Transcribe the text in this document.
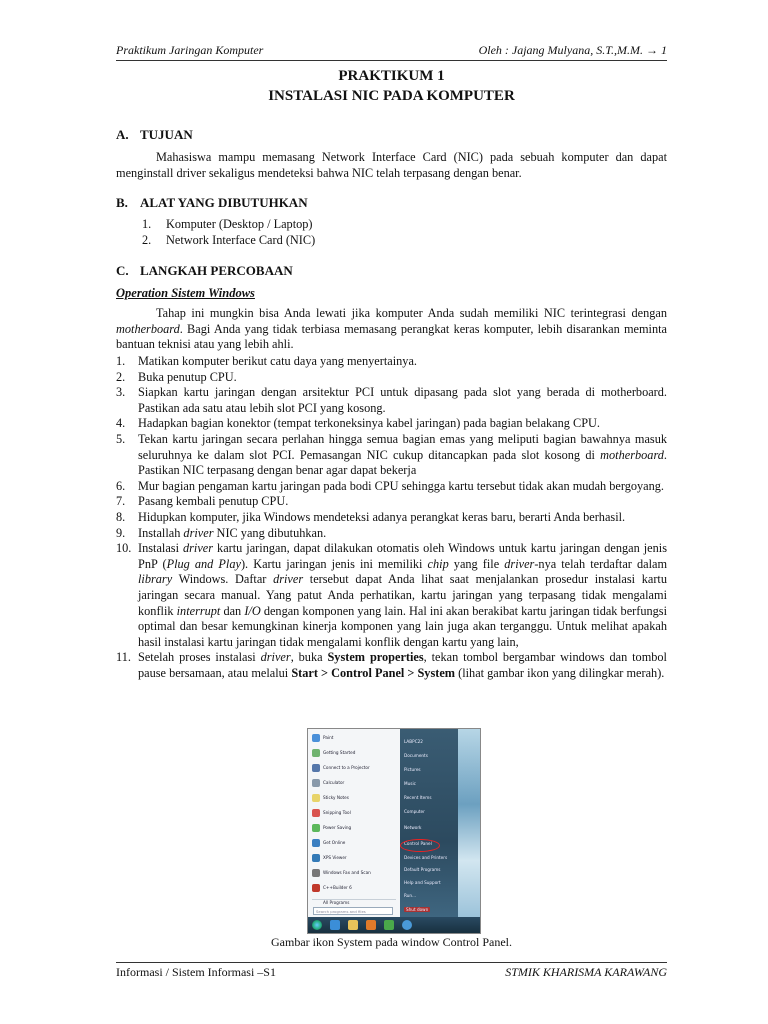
Praktikum Jaringan Komputer	Oleh : Jajang Mulyana, S.T.,M.M. → 1
PRAKTIKUM 1
INSTALASI NIC PADA KOMPUTER
A. TUJUAN
Mahasiswa mampu memasang Network Interface Card (NIC) pada sebuah komputer dan dapat menginstall driver sekaligus mendeteksi bahwa NIC telah terpasang dengan benar.
B. ALAT YANG DIBUTUHKAN
1. Komputer (Desktop / Laptop)
2. Network Interface Card (NIC)
C. LANGKAH PERCOBAAN
Operation Sistem Windows
Tahap ini mungkin bisa Anda lewati jika komputer Anda sudah memiliki NIC terintegrasi dengan motherboard. Bagi Anda yang tidak terbiasa memasang perangkat keras komputer, lebih disarankan meminta bantuan teknisi atau yang lebih ahli.
1. Matikan komputer berikut catu daya yang menyertainya.
2. Buka penutup CPU.
3. Siapkan kartu jaringan dengan arsitektur PCI untuk dipasang pada slot yang berada di motherboard. Pastikan ada satu atau lebih slot PCI yang kosong.
4. Hadapkan bagian konektor (tempat terkoneksinya kabel jaringan) pada bagian belakang CPU.
5. Tekan kartu jaringan secara perlahan hingga semua bagian emas yang meliputi bagian bawahnya masuk seluruhnya ke dalam slot PCI. Pemasangan NIC cukup ditancapkan pada slot kosong di motherboard. Pastikan NIC terpasang dengan benar agar dapat bekerja
6. Mur bagian pengaman kartu jaringan pada bodi CPU sehingga kartu tersebut tidak akan mudah bergoyang.
7. Pasang kembali penutup CPU.
8. Hidupkan komputer, jika Windows mendeteksi adanya perangkat keras baru, berarti Anda berhasil.
9. Installah driver NIC yang dibutuhkan.
10. Instalasi driver kartu jaringan, dapat dilakukan otomatis oleh Windows untuk kartu jaringan dengan jenis PnP (Plug and Play). Kartu jaringan jenis ini memiliki chip yang file driver-nya telah terdaftar dalam library Windows. Daftar driver tersebut dapat Anda lihat saat menjalankan prosedur instalasi kartu jaringan secara manual. Yang patut Anda perhatikan, kartu jaringan yang terpasang tidak mengalami konflik interrupt dan I/O dengan komponen yang lain. Hal ini akan berakibat kartu jaringan tidak berfungsi optimal dan besar kemungkinan kinerja komponen yang lain juga akan terganggu. Untuk melihat apakah hasil instalasi kartu jaringan tidak mengalami konflik dengan kartu yang lain,
11. Setelah proses instalasi driver, buka System properties, tekan tombol bergambar windows dan tombol pause bersamaan, atau melalui Start > Control Panel > System (lihat gambar ikon yang dilingkar merah).
Paint
Getting Started
Connect to a Projector
Calculator
Sticky Notes
Snipping Tool
Power Saving
Get Online
XPS Viewer
Windows Fax and Scan
C++Builder 6
All Programs
Search programs and files
LABPC22
Documents
Pictures
Music
Recent Items
Computer
Network
Control Panel
Devices and Printers
Default Programs
Help and Support
Run...
Shut down
Gambar ikon System pada window Control Panel.
Informasi / Sistem Informasi –S1	STMIK KHARISMA KARAWANG
